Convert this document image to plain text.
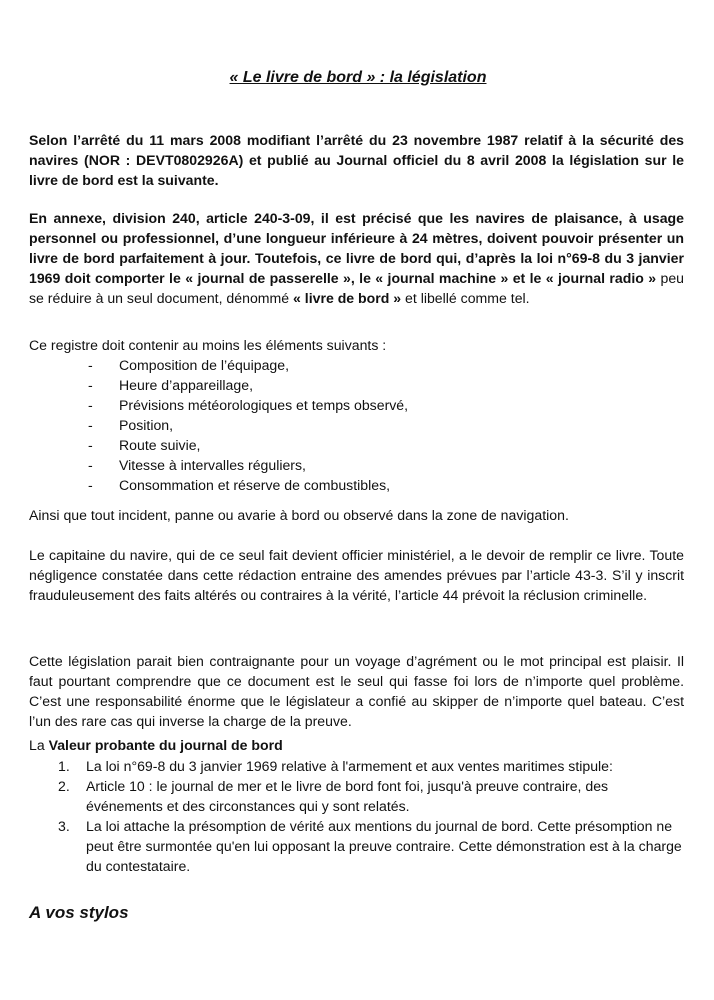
« Le livre de bord » : la législation

Selon l’arrêté du 11 mars 2008 modifiant l’arrêté du 23 novembre 1987 relatif à la sécurité des navires (NOR : DEVT0802926A) et publié au Journal officiel du 8 avril 2008 la législation sur le livre de bord est la suivante.

En annexe, division 240, article 240-3-09, il est précisé que les navires de plaisance, à usage personnel ou professionnel, d’une longueur inférieure à 24 mètres, doivent pouvoir présenter un livre de bord parfaitement à jour. Toutefois, ce livre de bord qui, d’après la loi n°69-8 du 3 janvier 1969 doit comporter le « journal de passerelle », le « journal machine » et le « journal radio » peu se réduire à un seul document, dénommé « livre de bord » et libellé comme tel.

Ce registre doit contenir au moins les éléments suivants :

- Composition de l’équipage,
- Heure d’appareillage,
- Prévisions météorologiques et temps observé,
- Position,
- Route suivie,
- Vitesse à intervalles réguliers,
- Consommation et réserve de combustibles,

Ainsi que tout incident, panne ou avarie à bord ou observé dans la zone de navigation.

Le capitaine du navire, qui de ce seul fait devient officier ministériel, a le devoir de remplir ce livre. Toute négligence constatée dans cette rédaction entraine des amendes prévues par l’article 43-3. S’il y inscrit frauduleusement des faits altérés ou contraires à la vérité, l’article 44 prévoit la réclusion criminelle.

Cette législation parait bien contraignante pour un voyage d’agrément ou le mot principal est plaisir. Il faut pourtant comprendre que ce document est le seul qui fasse foi lors de n’importe quel problème. C’est une responsabilité énorme que le législateur a confié au skipper de n’importe quel bateau. C’est l’un des rare cas qui inverse la charge de la preuve.

La Valeur probante du journal de bord

1. La loi n°69-8 du 3 janvier 1969 relative à l'armement et aux ventes maritimes stipule:
2. Article 10 : le journal de mer et le livre de bord font foi, jusqu'à preuve contraire, des événements et des circonstances qui y sont relatés.
3. La loi attache la présomption de vérité aux mentions du journal de bord. Cette présomption ne peut être surmontée qu'en lui opposant la preuve contraire. Cette démonstration est à la charge du contestataire.
A vos stylos
